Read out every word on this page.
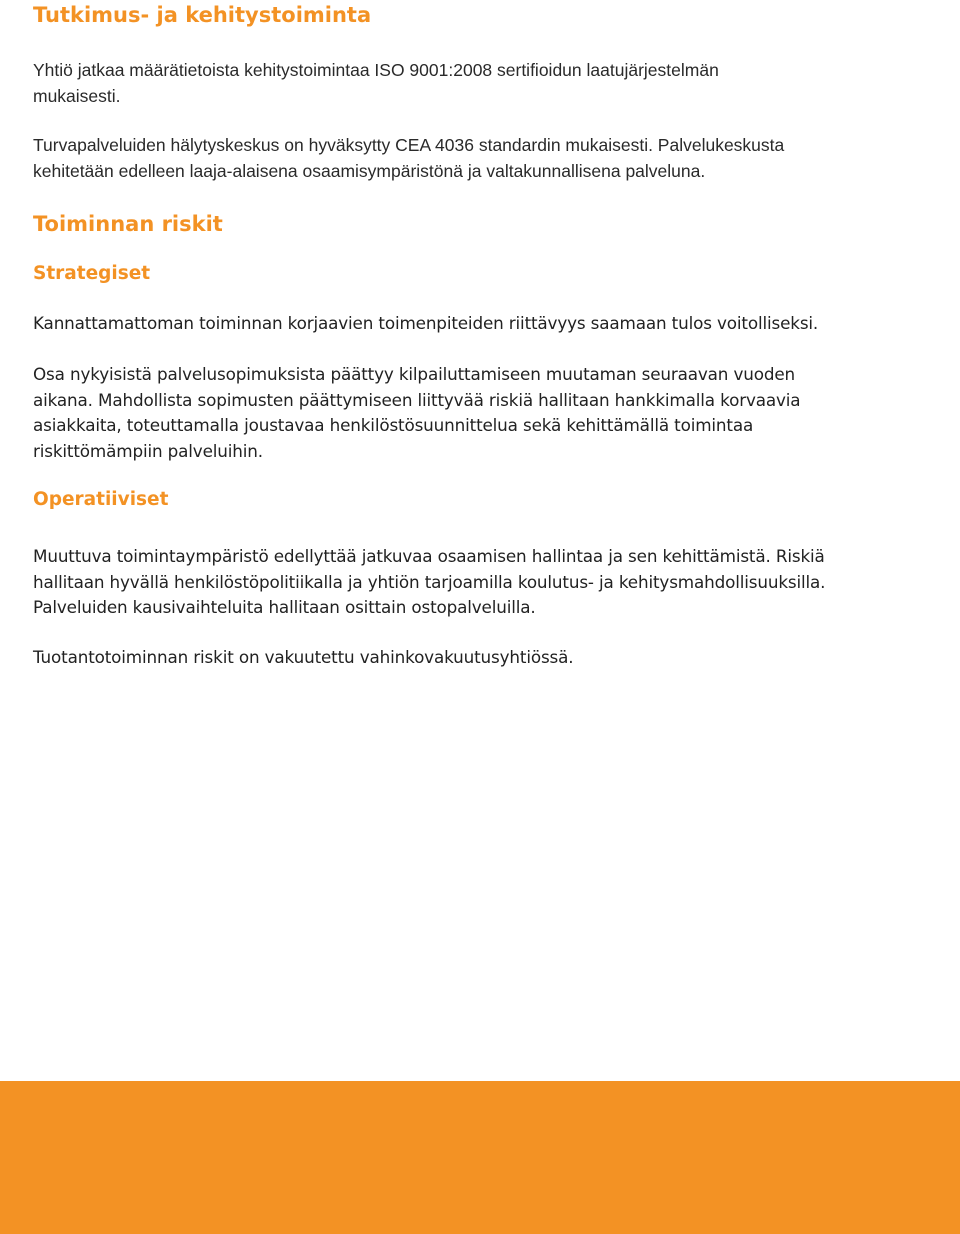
Tutkimus- ja kehitystoiminta
Yhtiö jatkaa määrätietoista kehitystoimintaa ISO 9001:2008 sertifioidun laatujärjestelmän
mukaisesti.
Turvapalveluiden hälytyskeskus on hyväksytty CEA 4036 standardin mukaisesti. Palvelukeskusta
kehitetään edelleen laaja-alaisena osaamisympäristönä ja valtakunnallisena palveluna.
Toiminnan riskit
Strategiset
Kannattamattoman toiminnan korjaavien toimenpiteiden riittävyys saamaan tulos voitolliseksi.
Osa nykyisistä palvelusopimuksista päättyy kilpailuttamiseen muutaman seuraavan vuoden
aikana. Mahdollista sopimusten päättymiseen liittyvää riskiä hallitaan hankkimalla korvaavia
asiakkaita, toteuttamalla joustavaa henkilöstösuunnittelua sekä kehittämällä toimintaa
riskittömämpiin palveluihin.
Operatiiviset
Muuttuva toimintaympäristö edellyttää jatkuvaa osaamisen hallintaa ja sen kehittämistä. Riskiä
hallitaan hyvällä henkilöstöpolitiikalla ja yhtiön tarjoamilla koulutus- ja kehitysmahdollisuuksilla.
Palveluiden kausivaihteluita hallitaan osittain ostopalveluilla.
Tuotantotoiminnan riskit on vakuutettu vahinkovakuutusyhtiössä.
